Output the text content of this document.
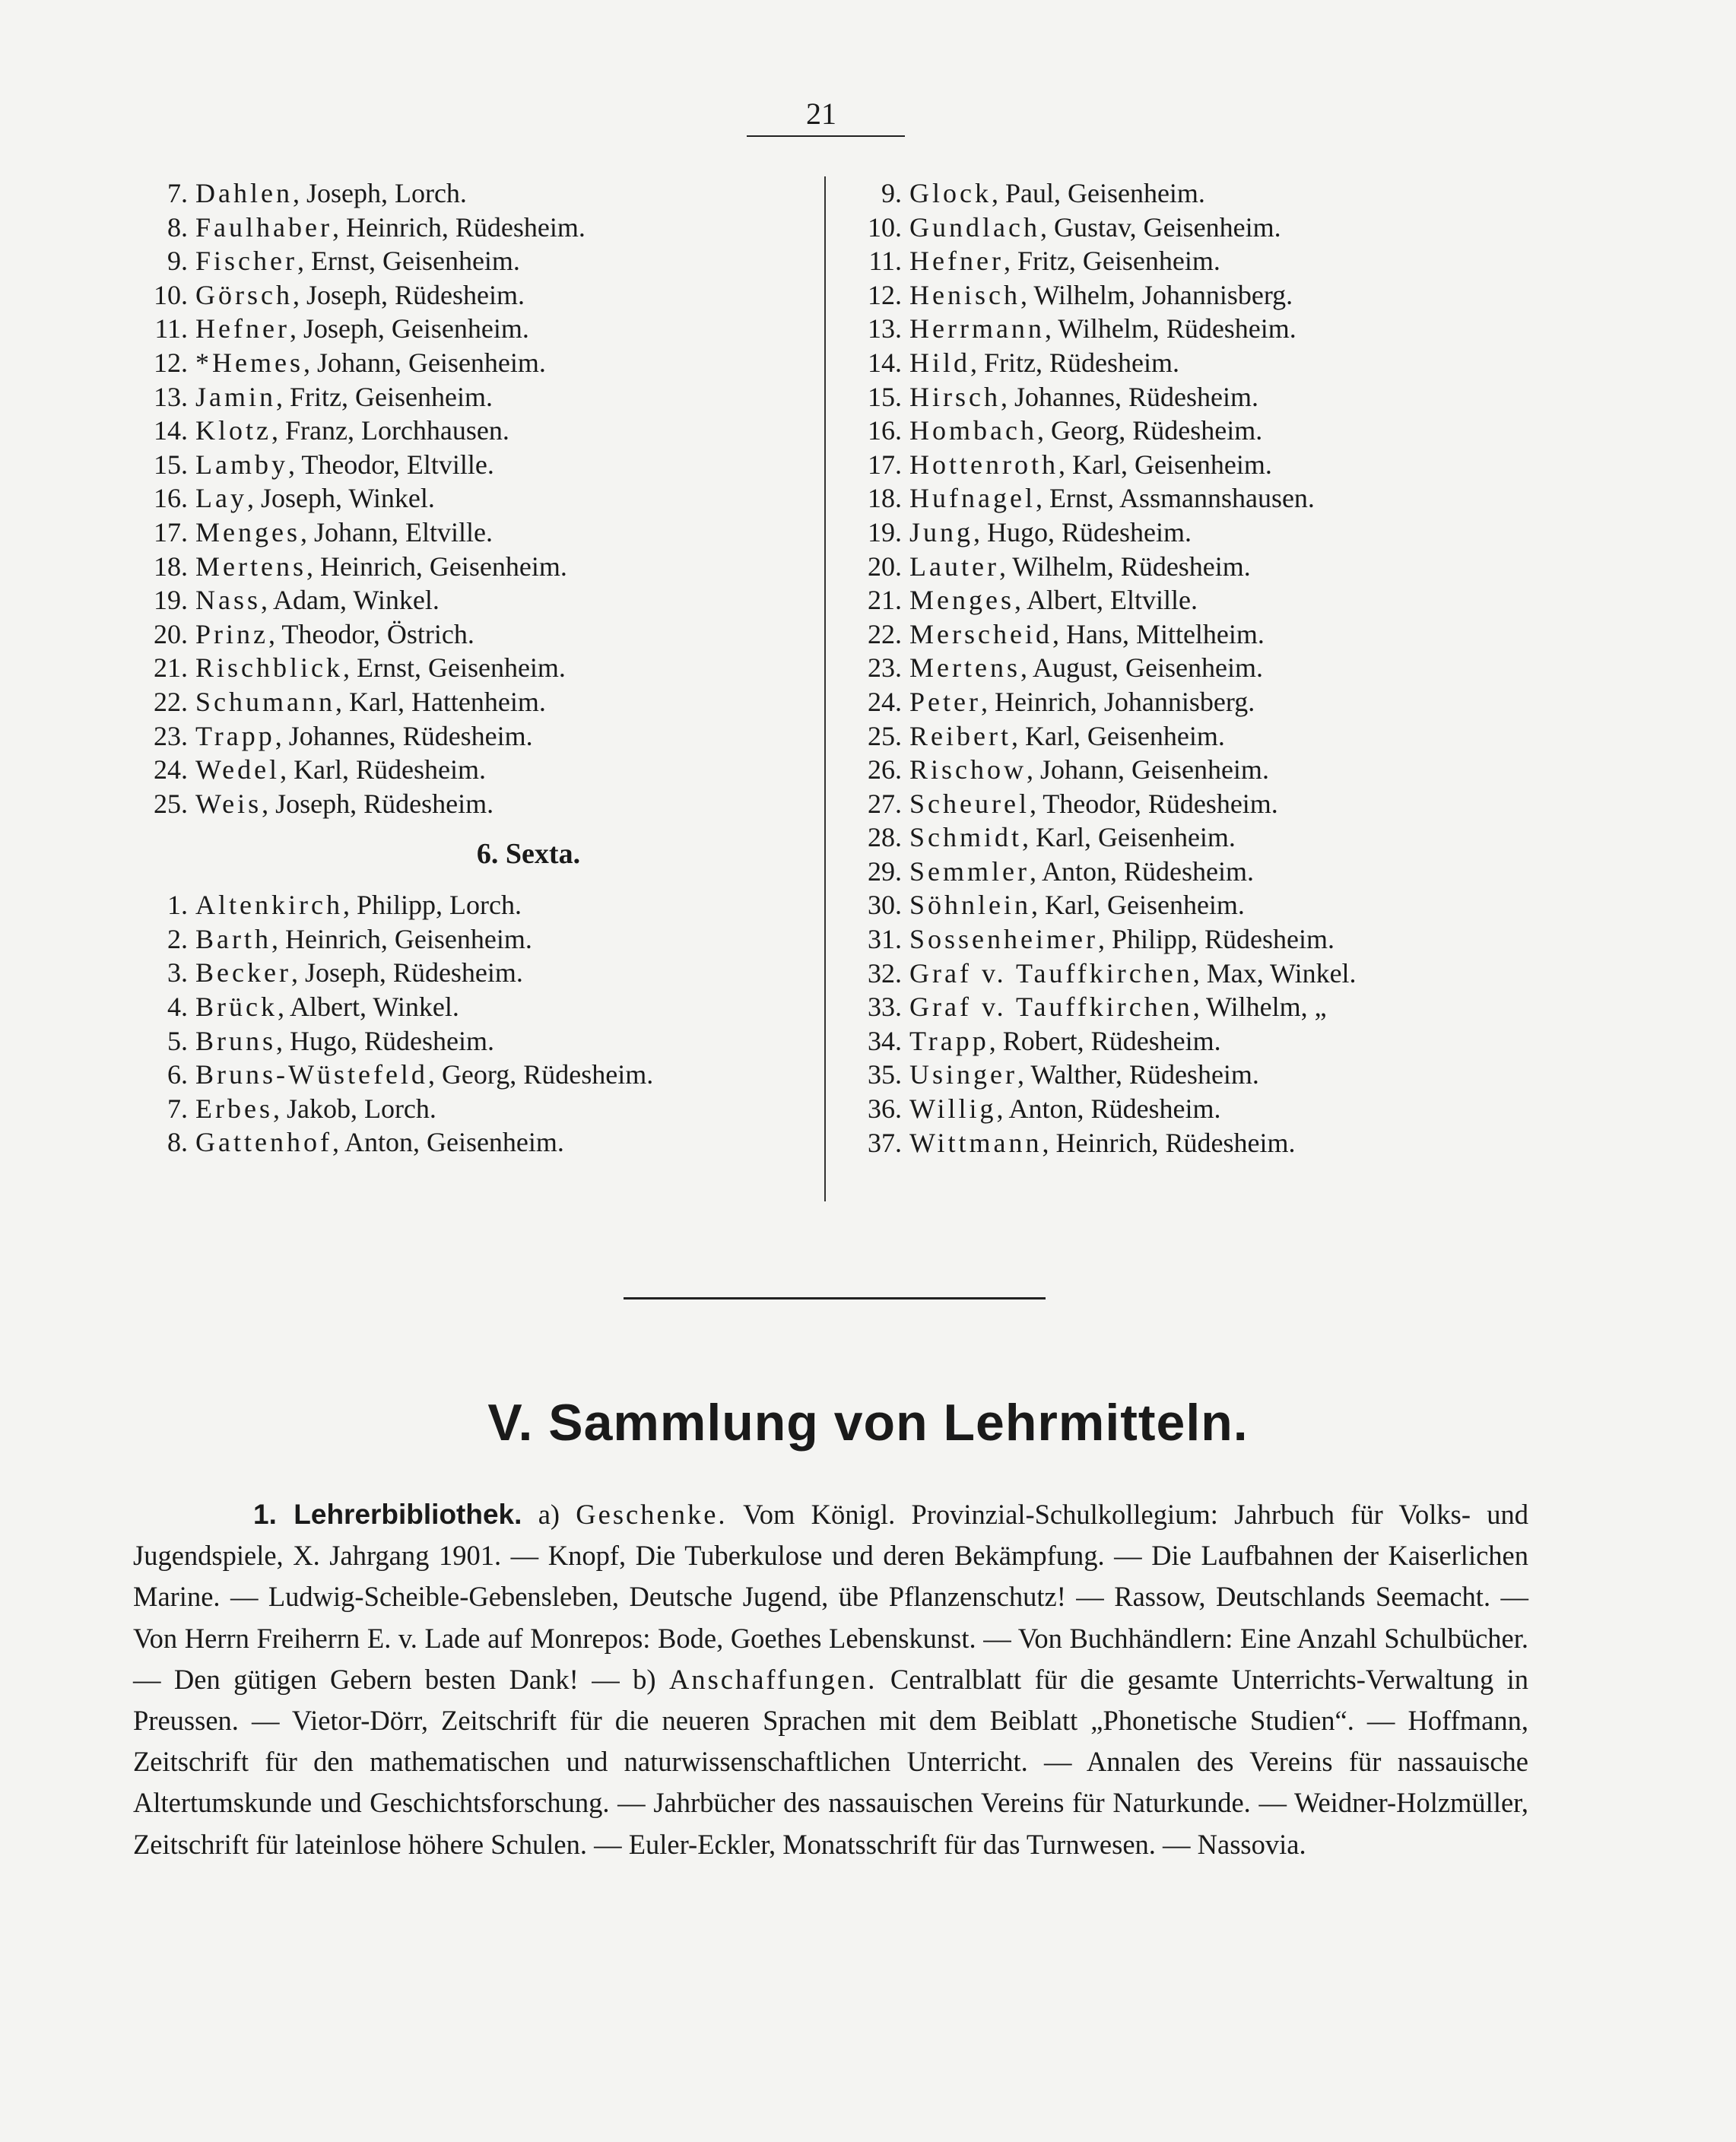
21
7. Dahlen, Joseph, Lorch.
8. Faulhaber, Heinrich, Rüdesheim.
9. Fischer, Ernst, Geisenheim.
10. Görsch, Joseph, Rüdesheim.
11. Hefner, Joseph, Geisenheim.
12. *Hemes, Johann, Geisenheim.
13. Jamin, Fritz, Geisenheim.
14. Klotz, Franz, Lorchhausen.
15. Lamby, Theodor, Eltville.
16. Lay, Joseph, Winkel.
17. Menges, Johann, Eltville.
18. Mertens, Heinrich, Geisenheim.
19. Nass, Adam, Winkel.
20. Prinz, Theodor, Östrich.
21. Rischblick, Ernst, Geisenheim.
22. Schumann, Karl, Hattenheim.
23. Trapp, Johannes, Rüdesheim.
24. Wedel, Karl, Rüdesheim.
25. Weis, Joseph, Rüdesheim.
6. Sexta.
1. Altenkirch, Philipp, Lorch.
2. Barth, Heinrich, Geisenheim.
3. Becker, Joseph, Rüdesheim.
4. Brück, Albert, Winkel.
5. Bruns, Hugo, Rüdesheim.
6. Bruns-Wüstefeld, Georg, Rüdesheim.
7. Erbes, Jakob, Lorch.
8. Gattenhof, Anton, Geisenheim.
9. Glock, Paul, Geisenheim.
10. Gundlach, Gustav, Geisenheim.
11. Hefner, Fritz, Geisenheim.
12. Henisch, Wilhelm, Johannisberg.
13. Herrmann, Wilhelm, Rüdesheim.
14. Hild, Fritz, Rüdesheim.
15. Hirsch, Johannes, Rüdesheim.
16. Hombach, Georg, Rüdesheim.
17. Hottenroth, Karl, Geisenheim.
18. Hufnagel, Ernst, Assmannshausen.
19. Jung, Hugo, Rüdesheim.
20. Lauter, Wilhelm, Rüdesheim.
21. Menges, Albert, Eltville.
22. Merscheid, Hans, Mittelheim.
23. Mertens, August, Geisenheim.
24. Peter, Heinrich, Johannisberg.
25. Reibert, Karl, Geisenheim.
26. Rischow, Johann, Geisenheim.
27. Scheurel, Theodor, Rüdesheim.
28. Schmidt, Karl, Geisenheim.
29. Semmler, Anton, Rüdesheim.
30. Söhnlein, Karl, Geisenheim.
31. Sossenheimer, Philipp, Rüdesheim.
32. Graf v. Tauffkirchen, Max, Winkel.
33. Graf v. Tauffkirchen, Wilhelm, „
34. Trapp, Robert, Rüdesheim.
35. Usinger, Walther, Rüdesheim.
36. Willig, Anton, Rüdesheim.
37. Wittmann, Heinrich, Rüdesheim.
V. Sammlung von Lehrmitteln.

1. Lehrerbibliothek. a) Geschenke. Vom Königl. Provinzial-Schulkollegium: Jahrbuch für Volks- und Jugendspiele, X. Jahrgang 1901. — Knopf, Die Tuberkulose und deren Bekämpfung. — Die Laufbahnen der Kaiserlichen Marine. — Ludwig-Scheible-Gebensleben, Deutsche Jugend, übe Pflanzenschutz! — Rassow, Deutschlands Seemacht. — Von Herrn Freiherrn E. v. Lade auf Monrepos: Bode, Goethes Lebenskunst. — Von Buchhändlern: Eine Anzahl Schulbücher. — Den gütigen Gebern besten Dank! — b) Anschaffungen. Centralblatt für die gesamte Unterrichts-Verwaltung in Preussen. — Vietor-Dörr, Zeitschrift für die neueren Sprachen mit dem Beiblatt „Phonetische Studien“. — Hoffmann, Zeitschrift für den mathematischen und naturwissenschaftlichen Unterricht. — Annalen des Vereins für nassauische Altertumskunde und Geschichtsforschung. — Jahrbücher des nassauischen Vereins für Naturkunde. — Weidner-Holzmüller, Zeitschrift für lateinlose höhere Schulen. — Euler-Eckler, Monatsschrift für das Turnwesen. — Nassovia.
